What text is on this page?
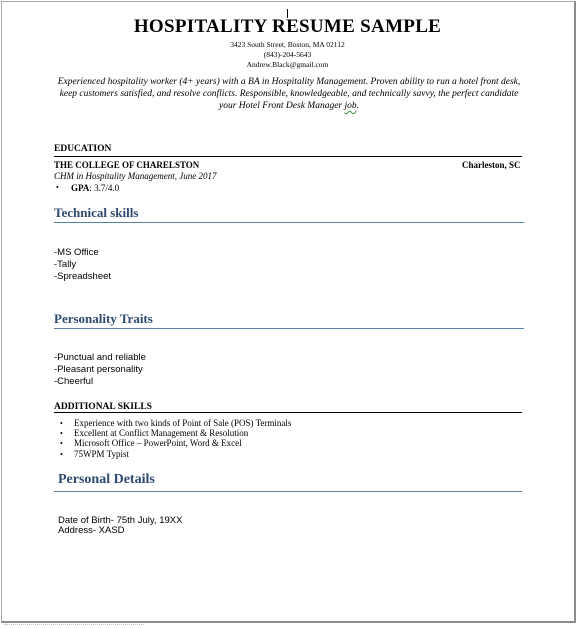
HOSPITALITY RESUME SAMPLE
3423 South Street, Boston, MA 02112
(843)-204-5643
Andrew.Black@gmail.com
Experienced hospitality worker (4+ years) with a BA in Hospitality Management. Proven ability to run a hotel front desk, keep customers satisfied, and resolve conflicts. Responsible, knowledgeable, and technically savvy, the perfect candidate your Hotel Front Desk Manager job.
EDUCATION
THE COLLEGE OF CHARELSTON	Charleston, SC
CHM in Hospitality Management, June 2017
• GPA: 3.7/4.0
Technical skills
-MS Office
-Tally
-Spreadsheet
Personality Traits
-Punctual and reliable
-Pleasant personality
-Cheerful
ADDITIONAL SKILLS
• Experience with two kinds of Point of Sale (POS) Terminals
• Excellent at Conflict Management & Resolution
• Microsoft Office – PowerPoint, Word & Excel
• 75WPM Typist
Personal Details
Date of Birth- 75th July, 19XX
Address- XASD
